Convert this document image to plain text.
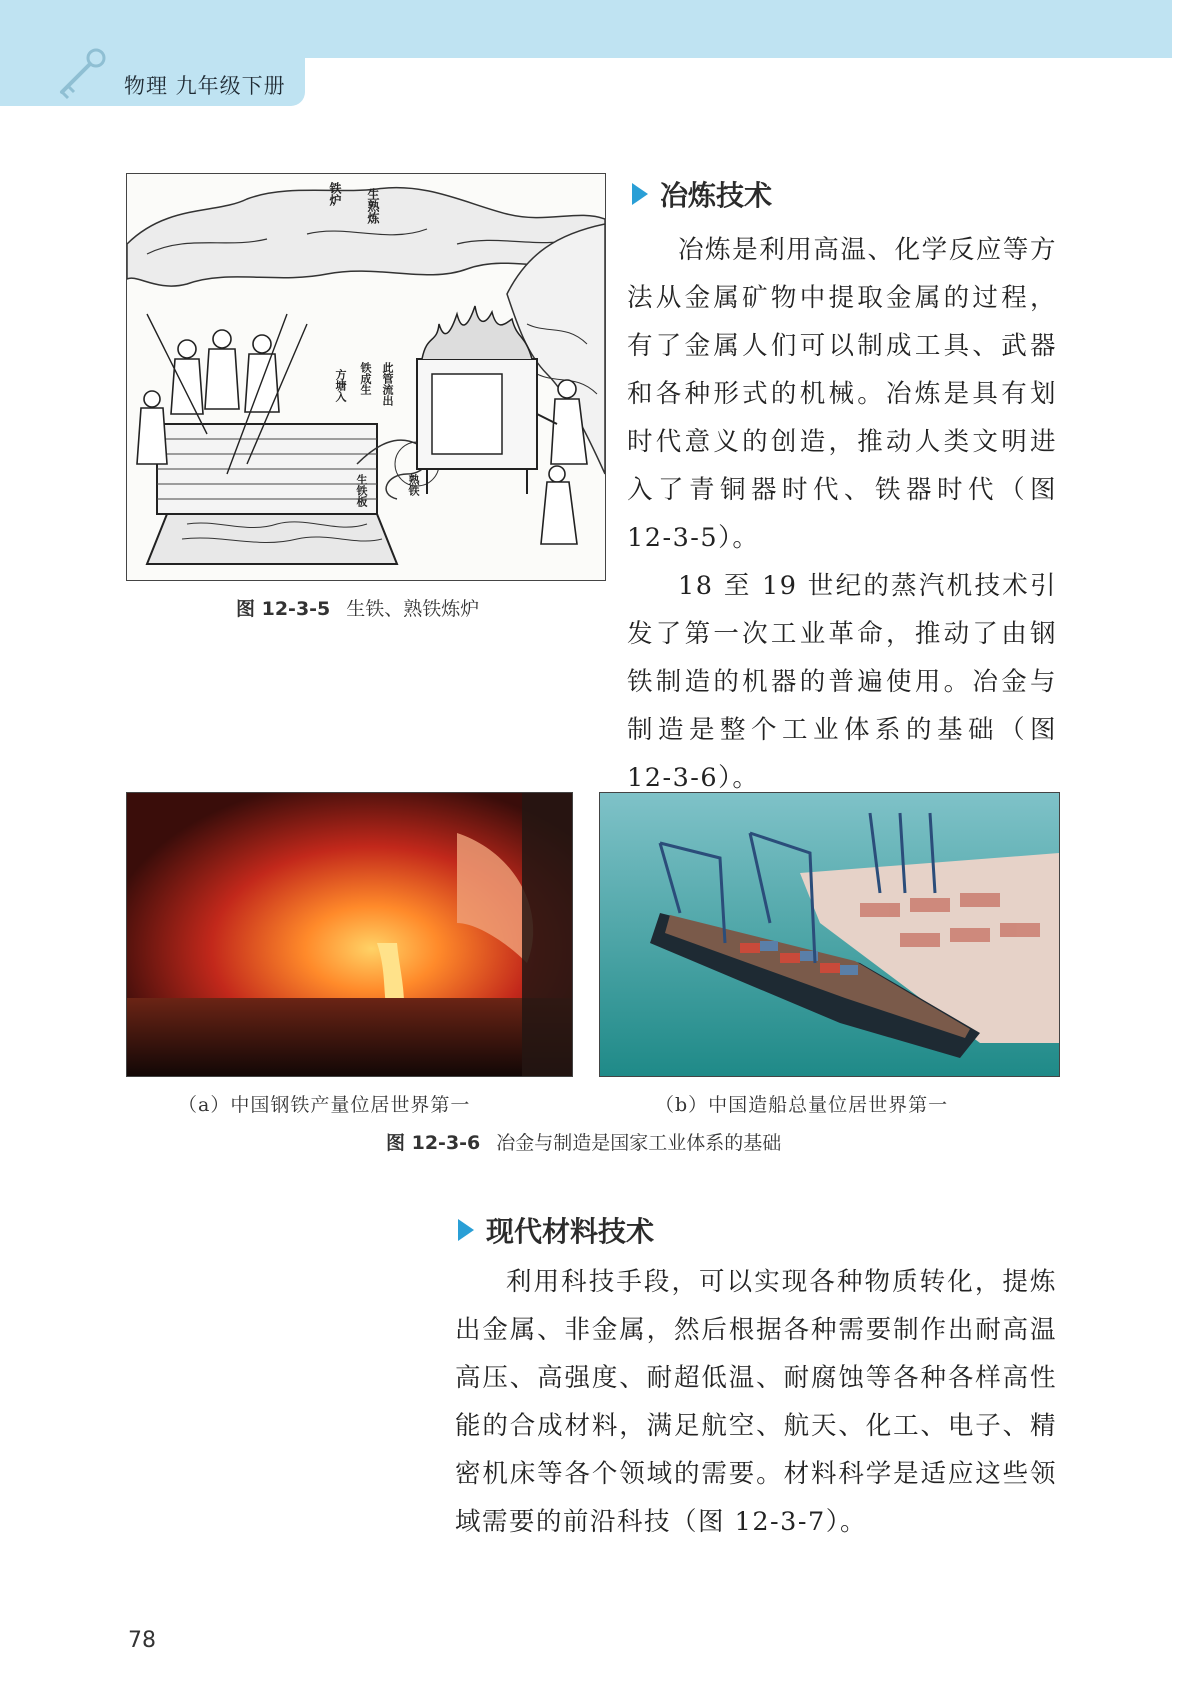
物理 九年级下册
生熟炼
铁炉
此管流出
铁成生
方塘入
生铁板	熟铁
图 12-3-5 生铁、熟铁炼炉
冶炼技术

冶炼是利用高温、化学反应等方法从金属矿物中提取金属的过程，有了金属人们可以制成工具、武器和各种形式的机械。冶炼是具有划时代意义的创造，推动人类文明进入了青铜器时代、铁器时代（图 12-3-5）。

18 至 19 世纪的蒸汽机技术引发了第一次工业革命，推动了由钢铁制造的机器的普遍使用。冶金与制造是整个工业体系的基础（图 12-3-6）。

（a）中国钢铁产量位居世界第一	（b）中国造船总量位居世界第一
图 12-3-6 冶金与制造是国家工业体系的基础
现代材料技术

利用科技手段，可以实现各种物质转化，提炼出金属、非金属，然后根据各种需要制作出耐高温高压、高强度、耐超低温、耐腐蚀等各种各样高性能的合成材料，满足航空、航天、化工、电子、精密机床等各个领域的需要。材料科学是适应这些领域需要的前沿科技（图 12-3-7）。

78
